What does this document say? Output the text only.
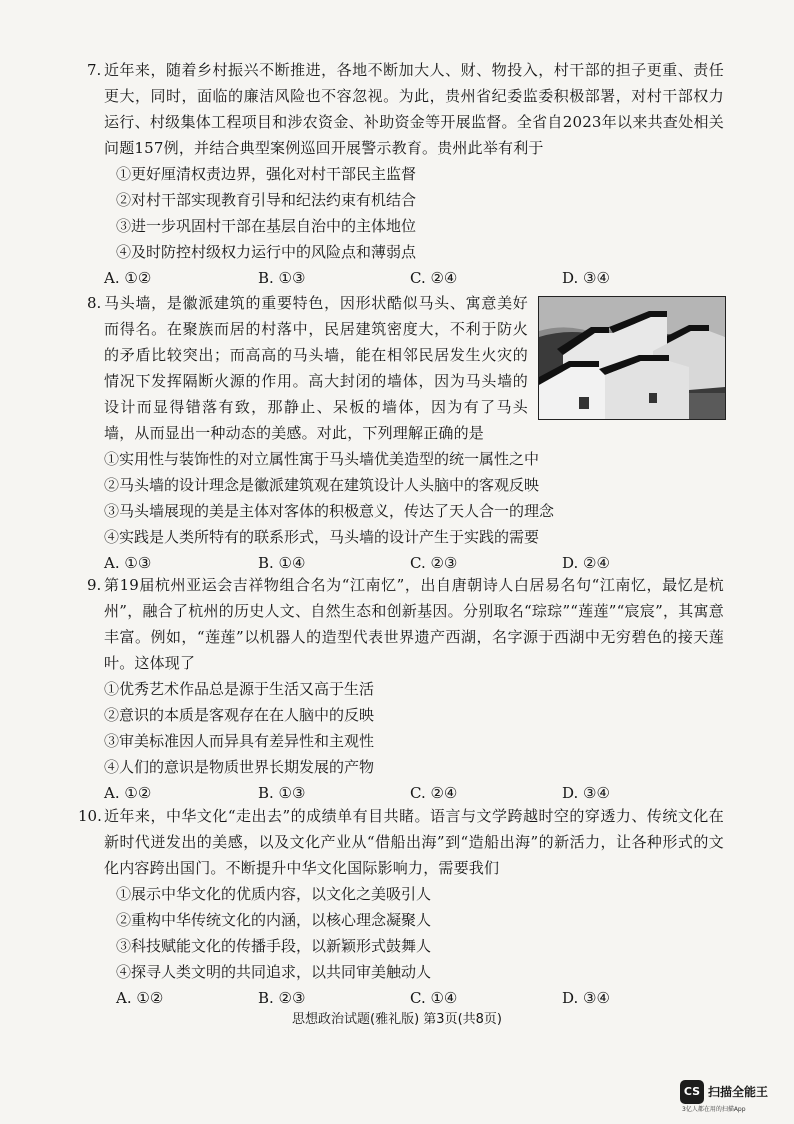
7. 近年来，随着乡村振兴不断推进，各地不断加大人、财、物投入，村干部的担子更重、责任更大，同时，面临的廉洁风险也不容忽视。为此，贵州省纪委监委积极部署，对村干部权力运行、村级集体工程项目和涉农资金、补助资金等开展监督。全省自2023年以来共查处相关问题157例，并结合典型案例巡回开展警示教育。贵州此举有利于
①更好厘清权责边界，强化对村干部民主监督
②对村干部实现教育引导和纪法约束有机结合
③进一步巩固村干部在基层自治中的主体地位
④及时防控村级权力运行中的风险点和薄弱点
A. ①②	B. ①③	C. ②④	D. ③④
8. 马头墙，是徽派建筑的重要特色，因形状酷似马头、寓意美好而得名。在聚族而居的村落中，民居建筑密度大，不利于防火的矛盾比较突出；而高高的马头墙，能在相邻民居发生火灾的情况下发挥隔断火源的作用。高大封闭的墙体，因为马头墙的设计而显得错落有致，那静止、呆板的墙体，因为有了马头墙，从而显出一种动态的美感。对此，下列理解正确的是
①实用性与装饰性的对立属性寓于马头墙优美造型的统一属性之中
②马头墙的设计理念是徽派建筑观在建筑设计人头脑中的客观反映
③马头墙展现的美是主体对客体的积极意义，传达了天人合一的理念
④实践是人类所特有的联系形式，马头墙的设计产生于实践的需要
A. ①③	B. ①④	C. ②③	D. ②④
9. 第19届杭州亚运会吉祥物组合名为“江南忆”，出自唐朝诗人白居易名句“江南忆，最忆是杭州”，融合了杭州的历史人文、自然生态和创新基因。分别取名“琮琮”“莲莲”“宸宸”，其寓意丰富。例如，“莲莲”以机器人的造型代表世界遗产西湖，名字源于西湖中无穷碧色的接天莲叶。这体现了
①优秀艺术作品总是源于生活又高于生活
②意识的本质是客观存在在人脑中的反映
③审美标准因人而异具有差异性和主观性
④人们的意识是物质世界长期发展的产物
A. ①②	B. ①③	C. ②④	D. ③④
10. 近年来，中华文化“走出去”的成绩单有目共睹。语言与文学跨越时空的穿透力、传统文化在新时代迸发出的美感，以及文化产业从“借船出海”到“造船出海”的新活力，让各种形式的文化内容跨出国门。不断提升中华文化国际影响力，需要我们
①展示中华文化的优质内容，以文化之美吸引人
②重构中华传统文化的内涵，以核心理念凝聚人
③科技赋能文化的传播手段，以新颖形式鼓舞人
④探寻人类文明的共同追求，以共同审美触动人
A. ①②	B. ②③	C. ①④	D. ③④
思想政治试题(雅礼版) 第3页(共8页)
CS 扫描全能王
3亿人都在用的扫描App
